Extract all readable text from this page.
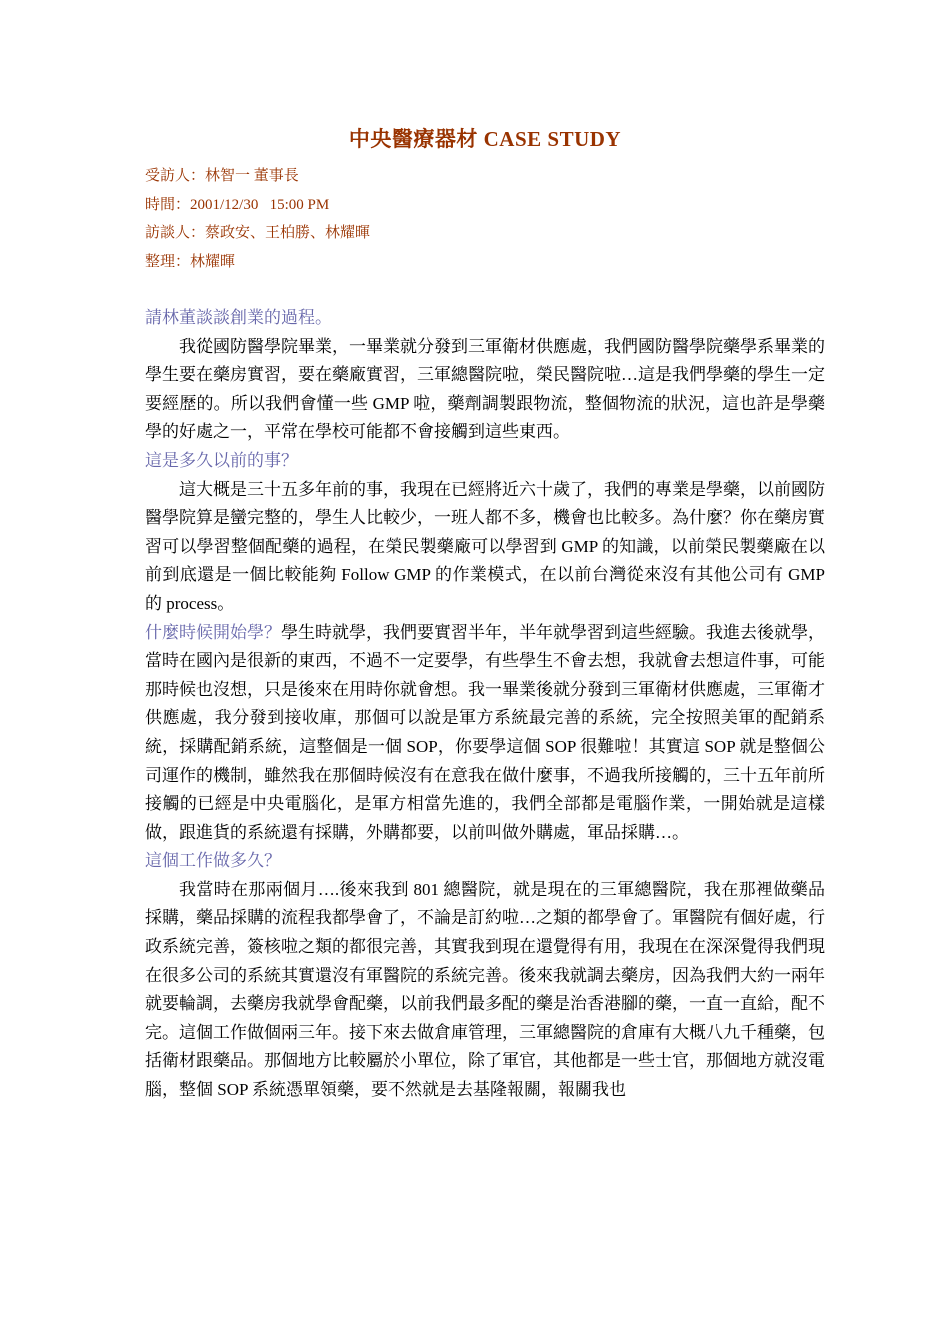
中央醫療器材 CASE STUDY

受訪人：林智一 董事長

時間：2001/12/30   15:00 PM

訪談人：蔡政安、王柏勝、林耀暉

整理：林耀暉

請林董談談創業的過程。

我從國防醫學院畢業，一畢業就分發到三軍衛材供應處，我們國防醫學院藥學系畢業的學生要在藥房實習，要在藥廠實習，三軍總醫院啦，榮民醫院啦…這是我們學藥的學生一定要經歷的。所以我們會懂一些 GMP 啦，藥劑調製跟物流，整個物流的狀況，這也許是學藥學的好處之一，平常在學校可能都不會接觸到這些東西。

這是多久以前的事？

這大概是三十五多年前的事，我現在已經將近六十歲了，我們的專業是學藥，以前國防醫學院算是蠻完整的，學生人比較少，一班人都不多，機會也比較多。為什麼？你在藥房實習可以學習整個配藥的過程，在榮民製藥廠可以學習到 GMP 的知識，以前榮民製藥廠在以前到底還是一個比較能夠 Follow GMP 的作業模式，在以前台灣從來沒有其他公司有 GMP 的 process。

什麼時候開始學？學生時就學，我們要實習半年，半年就學習到這些經驗。我進去後就學，當時在國內是很新的東西，不過不一定要學，有些學生不會去想，我就會去想這件事，可能那時候也沒想，只是後來在用時你就會想。我一畢業後就分發到三軍衛材供應處，三軍衛才供應處，我分發到接收庫，那個可以說是軍方系統最完善的系統，完全按照美軍的配銷系統，採購配銷系統，這整個是一個 SOP，你要學這個 SOP 很難啦！其實這 SOP 就是整個公司運作的機制，雖然我在那個時候沒有在意我在做什麼事，不過我所接觸的，三十五年前所接觸的已經是中央電腦化，是軍方相當先進的，我們全部都是電腦作業，一開始就是這樣做，跟進貨的系統還有採購，外購都要，以前叫做外購處，軍品採購…。

這個工作做多久？

我當時在那兩個月….後來我到 801 總醫院，就是現在的三軍總醫院，我在那裡做藥品採購，藥品採購的流程我都學會了，不論是訂約啦…之類的都學會了。軍醫院有個好處，行政系統完善，簽核啦之類的都很完善，其實我到現在還覺得有用，我現在在深深覺得我們現在很多公司的系統其實還沒有軍醫院的系統完善。後來我就調去藥房，因為我們大約一兩年就要輪調，去藥房我就學會配藥，以前我們最多配的藥是治香港腳的藥，一直一直給，配不完。這個工作做個兩三年。接下來去做倉庫管理，三軍總醫院的倉庫有大概八九千種藥，包括衛材跟藥品。那個地方比較屬於小單位，除了軍官，其他都是一些士官，那個地方就沒電腦，整個 SOP 系統憑單領藥，要不然就是去基隆報關，報關我也
